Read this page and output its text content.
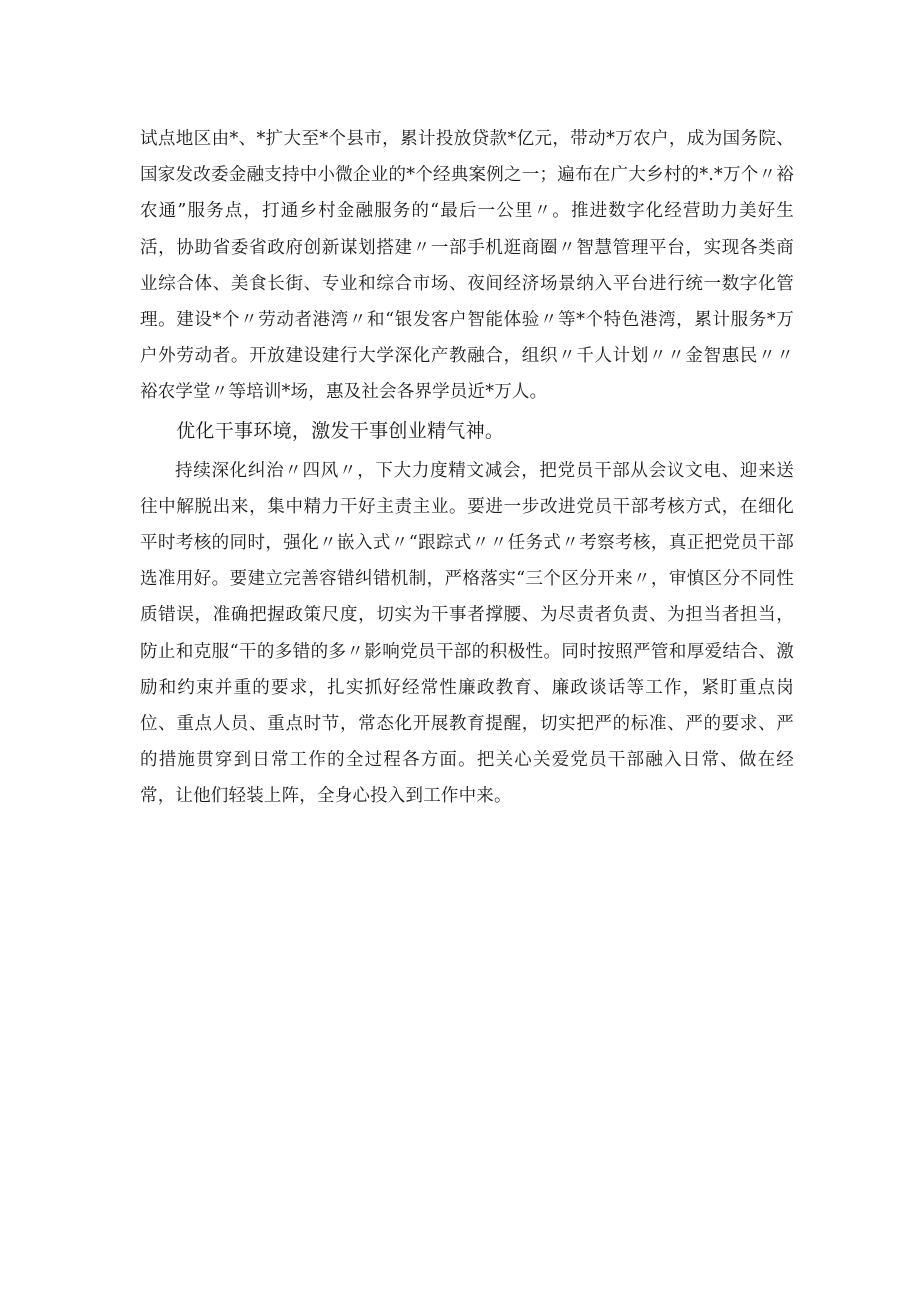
试点地区由*、*扩大至*个县市，累计投放贷款*亿元，带动*万农户，成为国务院、国家发改委金融支持中小微企业的*个经典案例之一；遍布在广大乡村的*.*万个〃裕农通”服务点，打通乡村金融服务的“最后一公里〃。推进数字化经营助力美好生活，协助省委省政府创新谋划搭建〃一部手机逛商圈〃智慧管理平台，实现各类商业综合体、美食长街、专业和综合市场、夜间经济场景纳入平台进行统一数字化管理。建设*个〃劳动者港湾〃和“银发客户智能体验〃等*个特色港湾，累计服务*万户外劳动者。开放建设建行大学深化产教融合，组织〃千人计划〃〃金智惠民〃〃裕农学堂〃等培训*场，惠及社会各界学员近*万人。

优化干事环境，激发干事创业精气神。

持续深化纠治〃四风〃，下大力度精文减会，把党员干部从会议文电、迎来送往中解脱出来，集中精力干好主责主业。要进一步改进党员干部考核方式，在细化平时考核的同时，强化〃嵌入式〃“跟踪式〃〃任务式〃考察考核，真正把党员干部选准用好。要建立完善容错纠错机制，严格落实“三个区分开来〃，审慎区分不同性质错误，准确把握政策尺度，切实为干事者撑腰、为尽责者负责、为担当者担当，防止和克服“干的多错的多〃影响党员干部的积极性。同时按照严管和厚爱结合、激励和约束并重的要求，扎实抓好经常性廉政教育、廉政谈话等工作，紧盯重点岗位、重点人员、重点时节，常态化开展教育提醒，切实把严的标准、严的要求、严的措施贯穿到日常工作的全过程各方面。把关心关爱党员干部融入日常、做在经常，让他们轻装上阵，全身心投入到工作中来。
